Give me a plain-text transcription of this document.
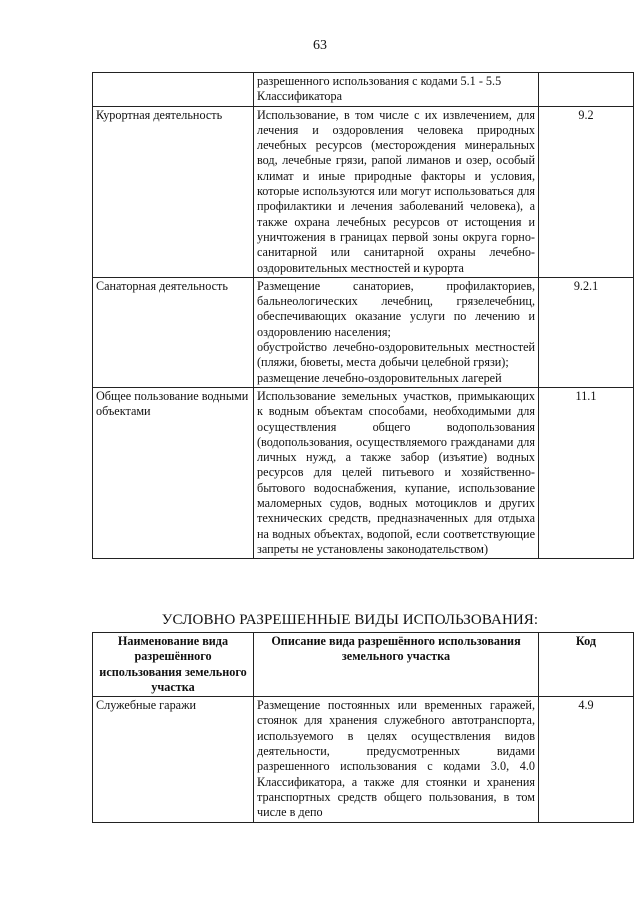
63

	разрешенного использования с кодами 5.1 - 5.5
Классификатора	

Курортная деятельность	Использование, в том числе с их извлечением, для лечения и оздоровления человека природных лечебных ресурсов (месторождения минеральных вод, лечебные грязи, рапой лиманов и озер, особый климат и иные природные факторы и условия, которые используются или могут использоваться для профилактики и лечения заболеваний человека), а также охрана лечебных ресурсов от истощения и уничтожения в границах первой зоны округа горно-санитарной или санитарной охраны лечебно-оздоровительных местностей и курорта	9.2
Санаторная деятельность	Размещение санаториев, профилакториев, бальнеологических лечебниц, грязелечебниц, обеспечивающих оказание услуги по лечению и оздоровлению населения;
обустройство лечебно-оздоровительных местностей (пляжи, бюветы, места добычи целебной грязи);
размещение лечебно-оздоровительных лагерей	9.2.1
Общее пользование водными объектами	Использование земельных участков, примыкающих к водным объектам способами, необходимыми для осуществления общего водопользования (водопользования, осуществляемого гражданами для личных нужд, а также забор (изъятие) водных ресурсов для целей питьевого и хозяйственно-бытового водоснабжения, купание, использование маломерных судов, водных мотоциклов и других технических средств, предназначенных для отдыха на водных объектах, водопой, если соответствующие запреты не установлены законодательством)	11.1
УСЛОВНО РАЗРЕШЕННЫЕ ВИДЫ ИСПОЛЬЗОВАНИЯ:
Наименование вида разрешённого использования земельного участка	Описание вида разрешённого использования земельного участка	Код
Служебные гаражи	Размещение постоянных или временных гаражей, стоянок для хранения служебного автотранспорта, используемого в целях осуществления видов деятельности, предусмотренных видами разрешенного использования с кодами 3.0, 4.0 Классификатора, а также для стоянки и хранения транспортных средств общего пользования, в том числе в депо	4.9
